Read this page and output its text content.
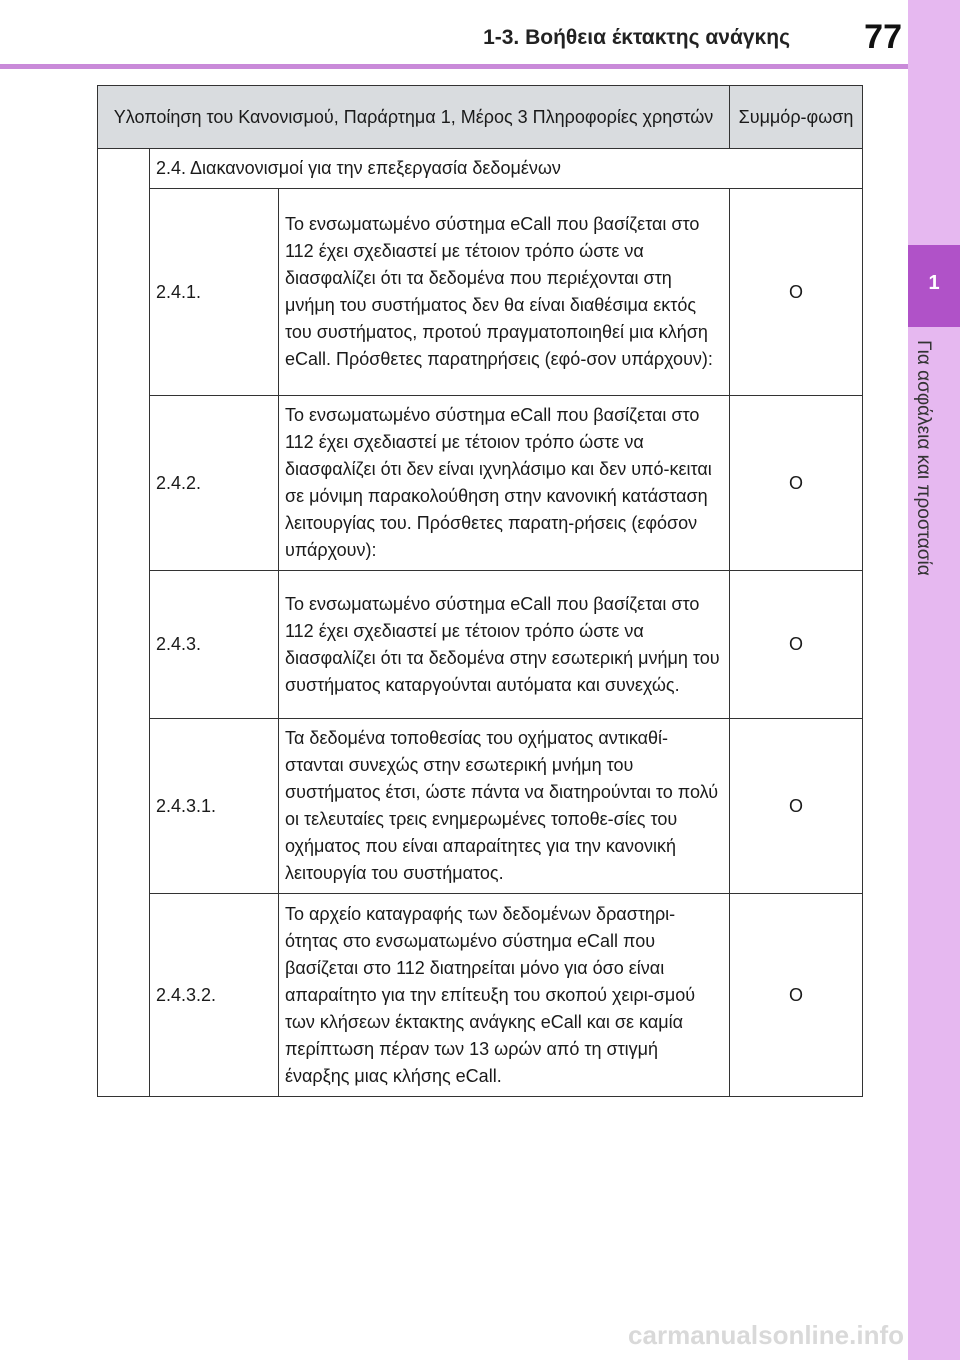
1-3. Βοήθεια έκτακτης ανάγκης	77
1
Για ασφάλεια και προστασία
Υλοποίηση του Κανονισμού, Παράρτημα 1, Μέρος 3 Πληροφορίες χρηστών			Συμμόρ-φωση
	2.4. Διακανονισμοί για την επεξεργασία δεδομένων		
	2.4.1.	Το ενσωματωμένο σύστημα eCall που βασίζεται στο 112 έχει σχεδιαστεί με τέτοιον τρόπο ώστε να διασφαλίζει ότι τα δεδομένα που περιέχονται στη μνήμη του συστήματος δεν θα είναι διαθέσιμα εκτός του συστήματος, προτού πραγματοποιηθεί μια κλήση eCall. Πρόσθετες παρατηρήσεις (εφό-σον υπάρχουν):	O
	2.4.2.	Το ενσωματωμένο σύστημα eCall που βασίζεται στο 112 έχει σχεδιαστεί με τέτοιον τρόπο ώστε να διασφαλίζει ότι δεν είναι ιχνηλάσιμο και δεν υπό-κειται σε μόνιμη παρακολούθηση στην κανονική κατάσταση λειτουργίας του. Πρόσθετες παρατη-ρήσεις (εφόσον υπάρχουν):	O
	2.4.3.	Το ενσωματωμένο σύστημα eCall που βασίζεται στο 112 έχει σχεδιαστεί με τέτοιον τρόπο ώστε να διασφαλίζει ότι τα δεδομένα στην εσωτερική μνήμη του συστήματος καταργούνται αυτόματα και συνεχώς.	O
	2.4.3.1.	Τα δεδομένα τοποθεσίας του οχήματος αντικαθί-στανται συνεχώς στην εσωτερική μνήμη του συστήματος έτσι, ώστε πάντα να διατηρούνται το πολύ οι τελευταίες τρεις ενημερωμένες τοποθε-σίες του οχήματος που είναι απαραίτητες για την κανονική λειτουργία του συστήματος.	O
	2.4.3.2.	Το αρχείο καταγραφής των δεδομένων δραστηρι-ότητας στο ενσωματωμένο σύστημα eCall που βασίζεται στο 112 διατηρείται μόνο για όσο είναι απαραίτητο για την επίτευξη του σκοπού χειρι-σμού των κλήσεων έκτακτης ανάγκης eCall και σε καμία περίπτωση πέραν των 13 ωρών από τη στιγμή έναρξης μιας κλήσης eCall.	O
carmanualsonline.info
